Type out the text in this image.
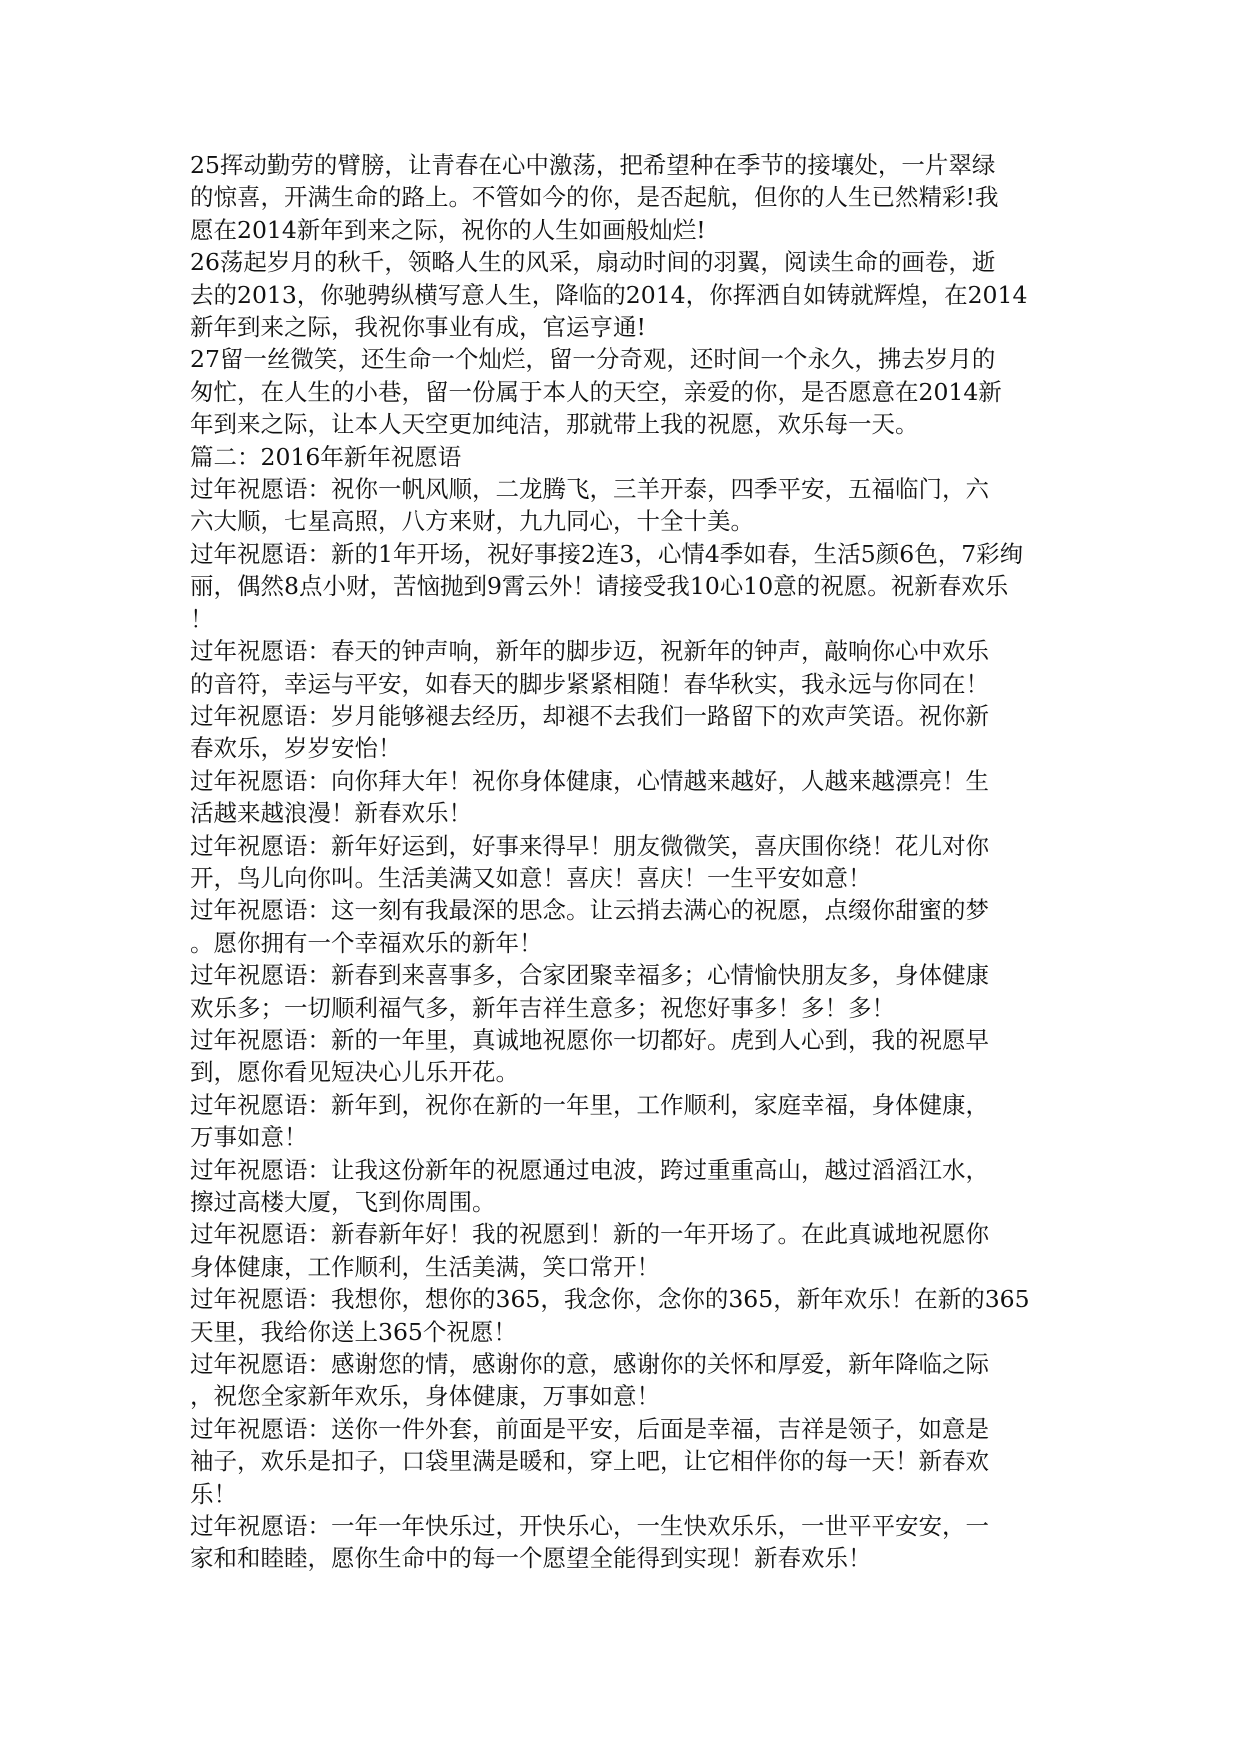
25挥动勤劳的臂膀，让青春在心中激荡，把希望种在季节的接壤处，一片翠绿

的惊喜，开满生命的路上。不管如今的你，是否起航，但你的人生已然精彩!我

愿在2014新年到来之际，祝你的人生如画般灿烂!

26荡起岁月的秋千，领略人生的风采，扇动时间的羽翼，阅读生命的画卷，逝

去的2013，你驰骋纵横写意人生，降临的2014，你挥洒自如铸就辉煌，在2014

新年到来之际，我祝你事业有成，官运亨通!

27留一丝微笑，还生命一个灿烂，留一分奇观，还时间一个永久，拂去岁月的

匆忙，在人生的小巷，留一份属于本人的天空，亲爱的你，是否愿意在2014新

年到来之际，让本人天空更加纯洁，那就带上我的祝愿，欢乐每一天。

篇二：2016年新年祝愿语

过年祝愿语：祝你一帆风顺，二龙腾飞，三羊开泰，四季平安，五福临门，六

六大顺，七星高照，八方来财，九九同心，十全十美。

过年祝愿语：新的1年开场，祝好事接2连3，心情4季如春，生活5颜6色，7彩绚

丽，偶然8点小财，苦恼抛到9霄云外！请接受我10心10意的祝愿。祝新春欢乐

！

过年祝愿语：春天的钟声响，新年的脚步迈，祝新年的钟声，敲响你心中欢乐

的音符，幸运与平安，如春天的脚步紧紧相随！春华秋实，我永远与你同在！

过年祝愿语：岁月能够褪去经历，却褪不去我们一路留下的欢声笑语。祝你新

春欢乐，岁岁安怡！

过年祝愿语：向你拜大年！祝你身体健康，心情越来越好，人越来越漂亮！生

活越来越浪漫！新春欢乐！

过年祝愿语：新年好运到，好事来得早！朋友微微笑，喜庆围你绕！花儿对你

开，鸟儿向你叫。生活美满又如意！喜庆！喜庆！一生平安如意！

过年祝愿语：这一刻有我最深的思念。让云捎去满心的祝愿，点缀你甜蜜的梦

。愿你拥有一个幸福欢乐的新年！

过年祝愿语：新春到来喜事多，合家团聚幸福多；心情愉快朋友多，身体健康

欢乐多；一切顺利福气多，新年吉祥生意多；祝您好事多！多！多！

过年祝愿语：新的一年里，真诚地祝愿你一切都好。虎到人心到，我的祝愿早

到，愿你看见短决心儿乐开花。

过年祝愿语：新年到，祝你在新的一年里，工作顺利，家庭幸福，身体健康，

万事如意！

过年祝愿语：让我这份新年的祝愿通过电波，跨过重重高山，越过滔滔江水，

擦过高楼大厦，飞到你周围。

过年祝愿语：新春新年好！我的祝愿到！新的一年开场了。在此真诚地祝愿你

身体健康，工作顺利，生活美满，笑口常开！

过年祝愿语：我想你，想你的365，我念你，念你的365，新年欢乐！在新的365

天里，我给你送上365个祝愿！

过年祝愿语：感谢您的情，感谢你的意，感谢你的关怀和厚爱，新年降临之际

，祝您全家新年欢乐，身体健康，万事如意！

过年祝愿语：送你一件外套，前面是平安，后面是幸福，吉祥是领子，如意是

袖子，欢乐是扣子，口袋里满是暖和，穿上吧，让它相伴你的每一天！新春欢

乐！

过年祝愿语：一年一年快乐过，开快乐心，一生快欢乐乐，一世平平安安，一

家和和睦睦，愿你生命中的每一个愿望全能得到实现！新春欢乐！
